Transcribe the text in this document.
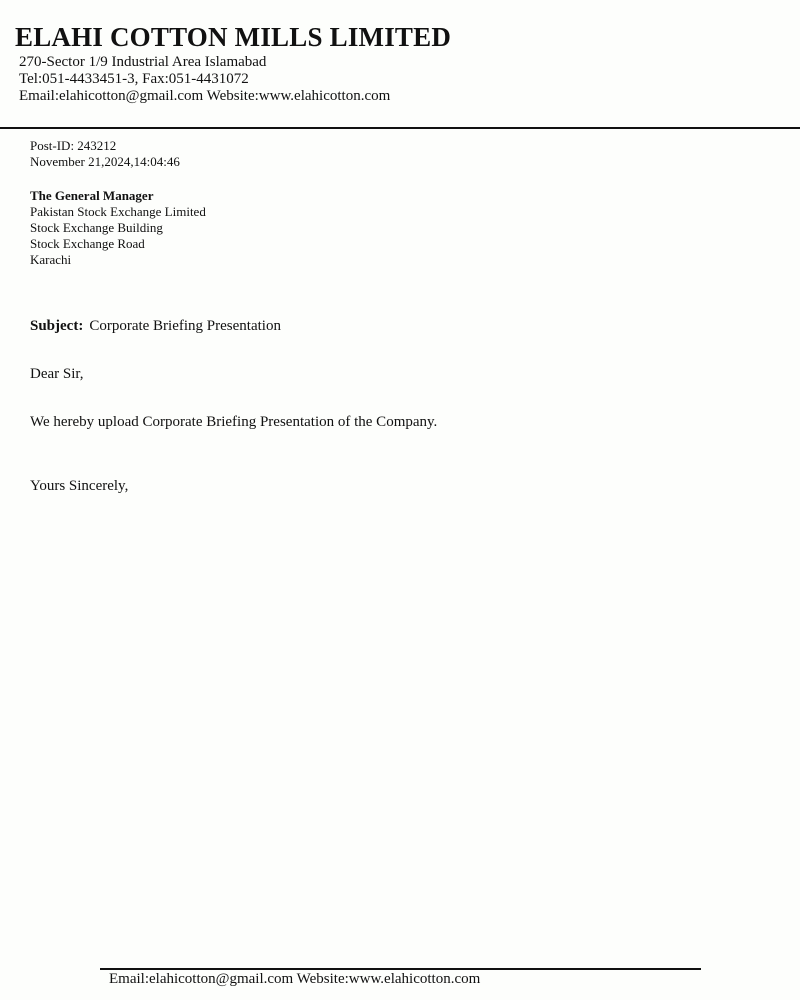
ELAHI COTTON MILLS LIMITED
270-Sector 1/9 Industrial Area Islamabad
Tel:051-4433451-3, Fax:051-4431072
Email:elahicotton@gmail.com Website:www.elahicotton.com
Post-ID: 243212
November 21,2024,14:04:46
The General Manager
Pakistan Stock Exchange Limited
Stock Exchange Building
Stock Exchange Road
Karachi
Subject: Corporate Briefing Presentation
Dear Sir,
We hereby upload Corporate Briefing Presentation of the Company.
Yours Sincerely,
Email:elahicotton@gmail.com Website:www.elahicotton.com
